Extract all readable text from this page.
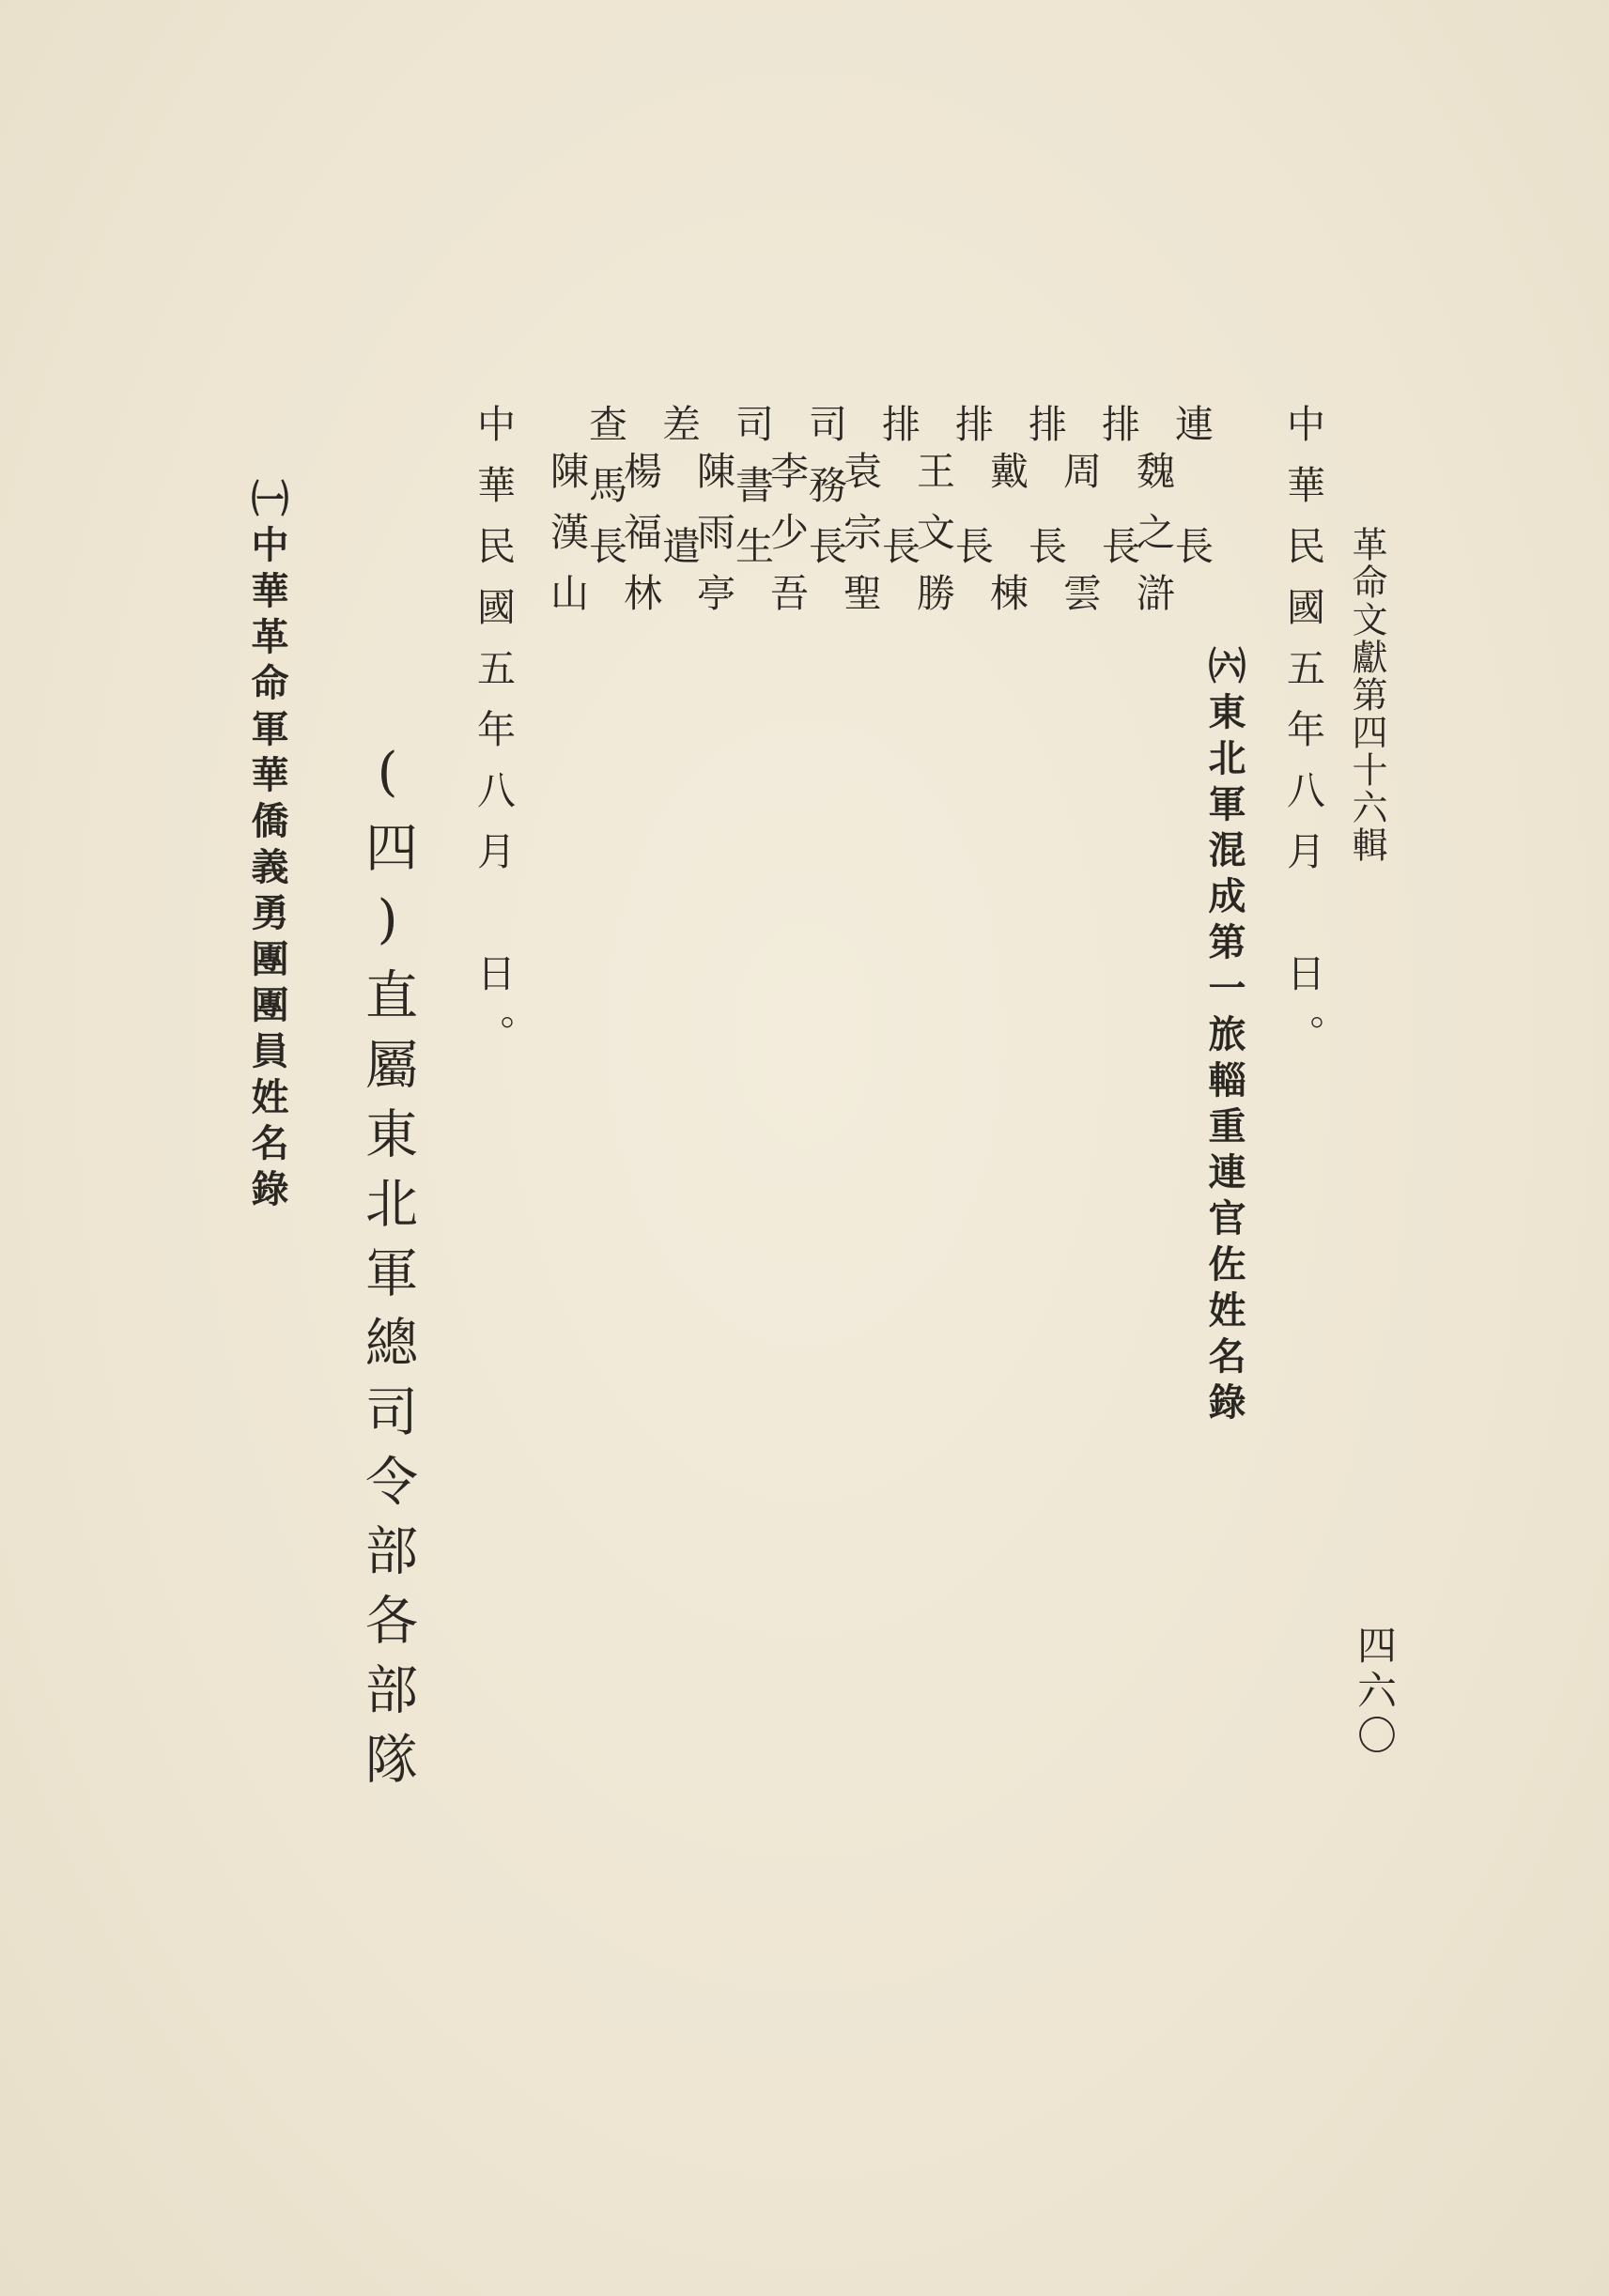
革命文獻第四十六輯
四六〇
中華民國五年八月　日。
㈥東北軍混成第一旅輜重連官佐姓名錄
連　長
魏之滸
排　長
周　雲
排　長
戴　棟
排　長
王文勝
排　長
袁宗聖
司務長
李少吾
司書生
陳雨亭
差　遣
楊福林
查馬長
陳漢山
中華民國五年八月　日。
(四)直屬東北軍總司令部各部隊
㈠中華革命軍華僑義勇團團員姓名錄
